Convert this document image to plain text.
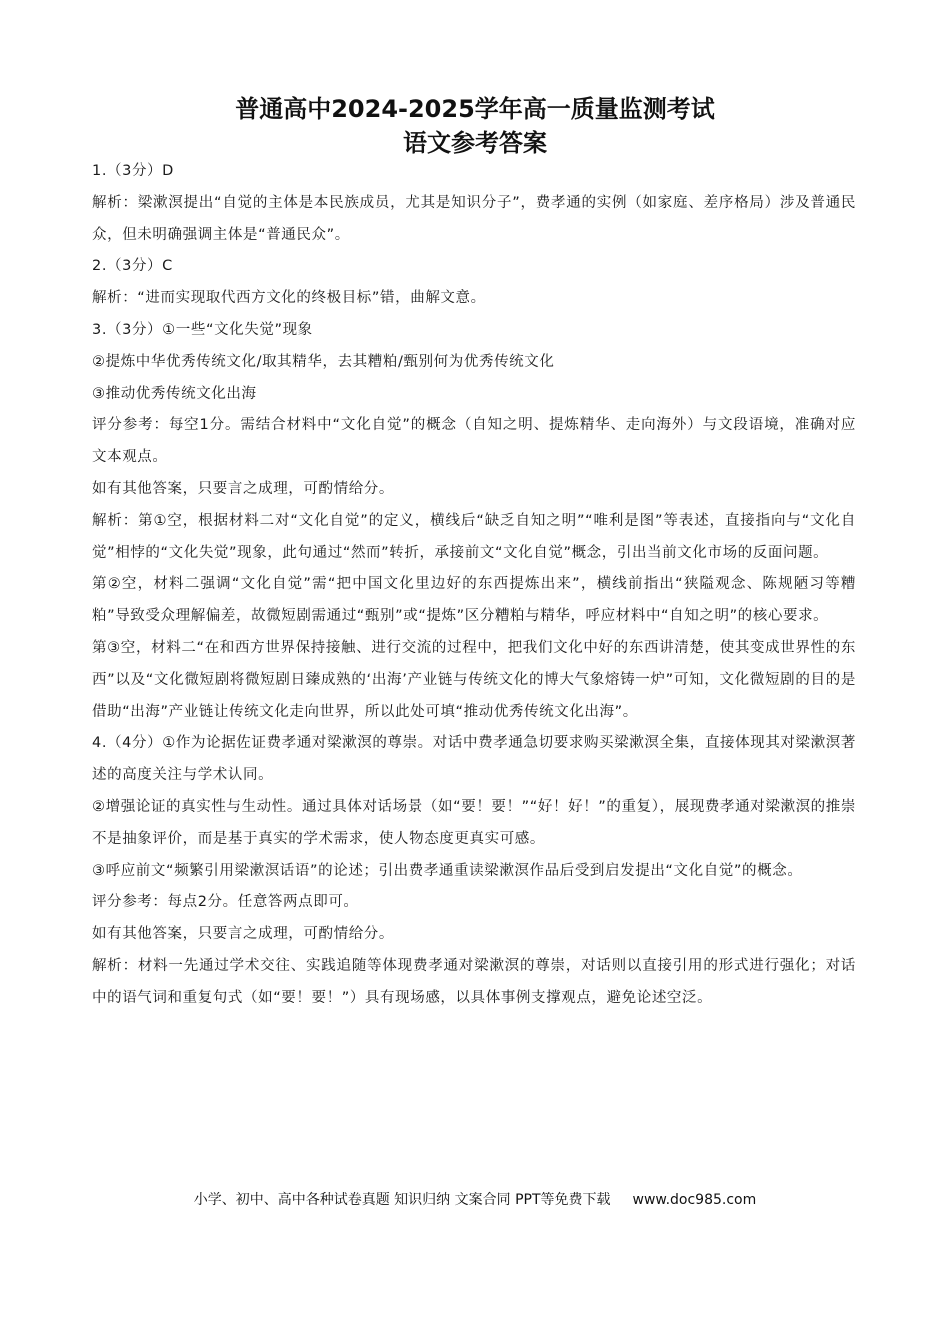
普通高中2024-2025学年高一质量监测考试
语文参考答案

1.（3分）D

解析：梁漱溟提出“自觉的主体是本民族成员，尤其是知识分子”，费孝通的实例（如家庭、差序格局）涉及普通民众，但未明确强调主体是“普通民众”。

2.（3分）C

解析：“进而实现取代西方文化的终极目标”错，曲解文意。

3.（3分）①一些“文化失觉”现象

②提炼中华优秀传统文化/取其精华，去其糟粕/甄别何为优秀传统文化

③推动优秀传统文化出海

评分参考：每空1分。需结合材料中“文化自觉”的概念（自知之明、提炼精华、走向海外）与文段语境，准确对应文本观点。

如有其他答案，只要言之成理，可酌情给分。

解析：第①空，根据材料二对“文化自觉”的定义，横线后“缺乏自知之明”“唯利是图”等表述，直接指向与“文化自觉”相悖的“文化失觉”现象，此句通过“然而”转折，承接前文“文化自觉”概念，引出当前文化市场的反面问题。

第②空，材料二强调“文化自觉”需“把中国文化里边好的东西提炼出来”，横线前指出“狭隘观念、陈规陋习等糟粕”导致受众理解偏差，故微短剧需通过“甄别”或“提炼”区分糟粕与精华，呼应材料中“自知之明”的核心要求。

第③空，材料二“在和西方世界保持接触、进行交流的过程中，把我们文化中好的东西讲清楚，使其变成世界性的东西”以及“文化微短剧将微短剧日臻成熟的‘出海’产业链与传统文化的博大气象熔铸一炉”可知，文化微短剧的目的是借助“出海”产业链让传统文化走向世界，所以此处可填“推动优秀传统文化出海”。

4.（4分）①作为论据佐证费孝通对梁漱溟的尊崇。对话中费孝通急切要求购买梁漱溟全集，直接体现其对梁漱溟著述的高度关注与学术认同。

②增强论证的真实性与生动性。通过具体对话场景（如“要！要！”“好！好！”的重复），展现费孝通对梁漱溟的推崇不是抽象评价，而是基于真实的学术需求，使人物态度更真实可感。

③呼应前文“频繁引用梁漱溟话语”的论述；引出费孝通重读梁漱溟作品后受到启发提出“文化自觉”的概念。

评分参考：每点2分。任意答两点即可。

如有其他答案，只要言之成理，可酌情给分。

解析：材料一先通过学术交往、实践追随等体现费孝通对梁漱溟的尊崇，对话则以直接引用的形式进行强化；对话中的语气词和重复句式（如“要！要！”）具有现场感，以具体事例支撑观点，避免论述空泛。

小学、初中、高中各种试卷真题 知识归纳 文案合同 PPT等免费下载 www.doc985.com
